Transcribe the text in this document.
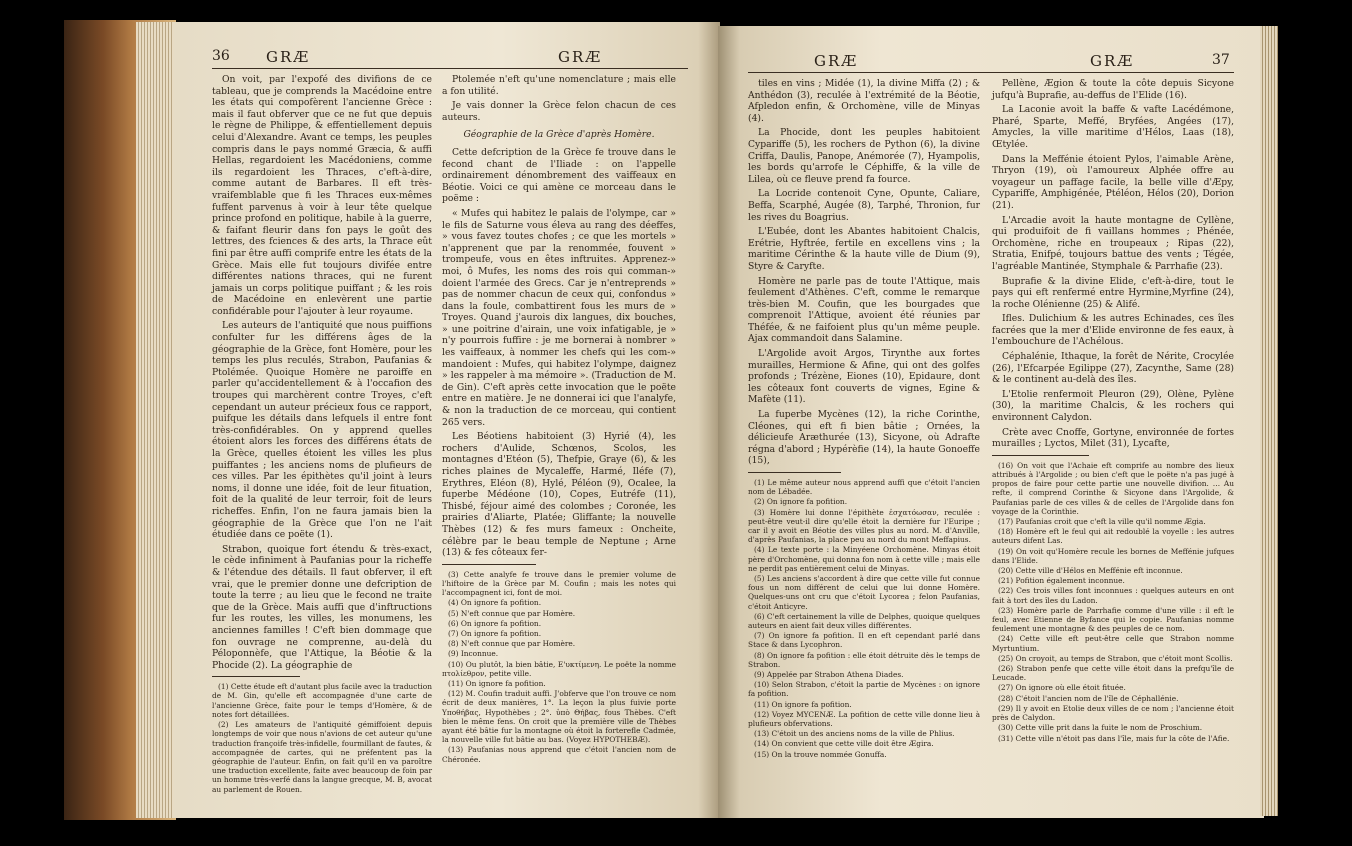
36 GRÆ	GRÆ

On voit, par l'expofé des divifions de ce tableau, que je comprends la Macédoine entre les états qui compofèrent l'ancienne Grèce : mais il faut obferver que ce ne fut que depuis le règne de Philippe, & effentiellement depuis celui d'Alexandre. Avant ce temps, les peuples compris dans le pays nommé Græcia, & auffi Hellas, regardoient les Macédoniens, comme ils regardoient les Thraces, c'eft-à-dire, comme autant de Barbares. Il eft très-vraifemblable que fi les Thraces eux-mêmes fuffent parvenus à voir à leur tête quelque prince profond en politique, habile à la guerre, & faifant fleurir dans fon pays le goût des lettres, des fciences & des arts, la Thrace eût fini par être auffi comprife entre les états de la Grèce. Mais elle fut toujours divifée entre différentes nations thraces, qui ne furent jamais un corps politique puiffant ; & les rois de Macédoine en enlevèrent une partie confidérable pour l'ajouter à leur royaume.

Les auteurs de l'antiquité que nous puiffions confulter fur les différens âges de la géographie de la Grèce, font Homère, pour les temps les plus reculés, Strabon, Paufanias & Ptolémée. Quoique Homère ne paroiffe en parler qu'accidentellement & à l'occafion des troupes qui marchèrent contre Troyes, c'eft cependant un auteur précieux fous ce rapport, puifque les détails dans lefquels il entre font très-confidérables. On y apprend quelles étoient alors les forces des différens états de la Grèce, quelles étoient les villes les plus puiffantes ; les anciens noms de plufieurs de ces villes. Par les épithètes qu'il joint à leurs noms, il donne une idée, foit de leur fituation, foit de la qualité de leur terroir, foit de leurs richeffes. Enfin, l'on ne faura jamais bien la géographie de la Grèce que l'on ne l'ait étudiée dans ce poëte (1).

Strabon, quoique fort étendu & très-exact, le cède infiniment à Paufanias pour la richeffe & l'étendue des détails. Il faut obferver, il eft vrai, que le premier donne une defcription de toute la terre ; au lieu que le fecond ne traite que de la Grèce. Mais auffi que d'inftructions fur les routes, les villes, les monumens, les anciennes familles ! C'eft bien dommage que fon ouvrage ne comprenne, au-delà du Péloponnèfe, que l'Attique, la Béotie & la Phocide (2). La géographie de

(1) Cette étude eft d'autant plus facile avec la traduction de M. Gin, qu'elle eft accompagnée d'une carte de l'ancienne Grèce, faite pour le temps d'Homère, & de notes fort détaillées.

(2) Les amateurs de l'antiquité gémiffoient depuis longtemps de voir que nous n'avions de cet auteur qu'une traduction françoife très-infidelle, fourmillant de fautes, & accompagnée de cartes, qui ne préfentent pas la géographie de l'auteur. Enfin, on fait qu'il en va paroître une traduction excellente, faite avec beaucoup de foin par un homme très-verfé dans la langue grecque, M. B, avocat au parlement de Rouen.

Ptolemée n'eft qu'une nomenclature ; mais elle a fon utilité.

Je vais donner la Grèce felon chacun de ces auteurs.

Géographie de la Grèce d'après Homère.

Cette defcription de la Grèce fe trouve dans le fecond chant de l'Iliade : on l'appelle ordinairement dénombrement des vaiffeaux en Béotie. Voici ce qui amène ce morceau dans le poëme :

« Mufes qui habitez le palais de l'olympe, car » le fils de Saturne vous éleva au rang des déeffes, » vous favez toutes chofes ; ce que les mortels » n'apprenent que par la renommée, fouvent » trompeufe, vous en êtes inftruites. Apprenez-» moi, ô Mufes, les noms des rois qui comman-» doient l'armée des Grecs. Car je n'entreprends » pas de nommer chacun de ceux qui, confondus » dans la foule, combattirent fous les murs de » Troyes. Quand j'aurois dix langues, dix bouches, » une poitrine d'airain, une voix infatigable, je » n'y pourrois fuffire : je me bornerai à nombrer » les vaiffeaux, à nommer les chefs qui les com-» mandoient : Mufes, qui habitez l'olympe, daignez » les rappeler à ma mémoire ». (Traduction de M. de Gin). C'eft après cette invocation que le poëte entre en matière. Je ne donnerai ici que l'analyfe, & non la traduction de ce morceau, qui contient 265 vers.

Les Béotiens habitoient (3) Hyrié (4), les rochers d'Aulide, Schœnos, Scolos, les montagnes d'Etéon (5), Thefpie, Graye (6), & les riches plaines de Mycaleffe, Harmé, Iléfe (7), Erythres, Eléon (8), Hylé, Péléon (9), Ocalee, la fuperbe Médéone (10), Copes, Eutréfe (11), Thisbé, féjour aimé des colombes ; Coronée, les prairies d'Aliarte, Platée; Gliffante; la nouvelle Thèbes (12) & fes murs fameux : Oncheite, célèbre par le beau temple de Neptune ; Arne (13) & fes côteaux fer-

(3) Cette analyfe fe trouve dans le premier volume de l'hiftoire de la Grèce par M. Coufin ; mais les notes qui l'accompagnent ici, font de moi.

(4) On ignore fa pofition.

(5) N'eft connue que par Homère.

(6) On ignore fa pofition.

(7) On ignore fa pofition.

(8) N'eft connue que par Homère.

(9) Inconnue.

(10) Ou plutôt, la bien bâtie, Ε'υκτίμενη. Le poëte la nomme πτολίεθρον, petite ville.

(11) On ignore fa pofition.

(12) M. Coufin traduit auffi. J'obferve que l'on trouve ce nom écrit de deux manières, 1°. La leçon la plus fuivie porte Υποθήβας, Hypothèbes ; 2°. ὑπὸ Θήβας, fous Thèbes. C'eft bien le même fens. On croit que la première ville de Thèbes ayant été bâtie fur la montagne où étoit la forterefle Cadmée, la nouvelle ville fut bâtie au bas. (Voyez HYPOTHEBÆ).

(13) Paufanias nous apprend que c'étoit l'ancien nom de Chéronée.

GRÆ	GRÆ	37

tiles en vins ; Midée (1), la divine Miffa (2) ; & Anthédon (3), reculée à l'extrémité de la Béotie, Afpledon enfin, & Orchomène, ville de Minyas (4).

La Phocide, dont les peuples habitoient Cypariffe (5), les rochers de Python (6), la divine Criffa, Daulis, Panope, Anémorée (7), Hyampolis, les bords qu'arrofe le Céphiffe, & la ville de Lilea, où ce fleuve prend fa fource.

La Locride contenoit Cyne, Opunte, Caliare, Beffa, Scarphé, Augée (8), Tarphé, Thronion, fur les rives du Boagrius.

L'Eubée, dont les Abantes habitoient Chalcis, Erétrie, Hyftrée, fertile en excellens vins ; la maritime Cérinthe & la haute ville de Dium (9), Styre & Caryfte.

Homère ne parle pas de toute l'Attique, mais feulement d'Athènes. C'eft, comme le remarque très-bien M. Coufin, que les bourgades que comprenoit l'Attique, avoient été réunies par Théfée, & ne faifoient plus qu'un même peuple. Ajax commandoit dans Salamine.

L'Argolide avoit Argos, Tirynthe aux fortes murailles, Hermione & Afine, qui ont des golfes profonds ; Trézène, Eiones (10), Epidaure, dont les côteaux font couverts de vignes, Egine & Mafète (11).

La fuperbe Mycènes (12), la riche Corinthe, Cléones, qui eft fi bien bâtie ; Ornées, la délicieufe Aræthurée (13), Sicyone, où Adrafte régna d'abord ; Hypérèfie (14), la haute Gonoeffe (15),

(1) Le même auteur nous apprend auffi que c'étoit l'ancien nom de Lébadée.

(2) On ignore fa pofition.

(3) Homère lui donne l'épithète ἐσχατόωσαν, reculée : peut-être veut-il dire qu'elle étoit la dernière fur l'Euripe ; car il y avoit en Béotie des villes plus au nord. M. d'Anville, d'après Paufanias, la place peu au nord du mont Meffapius.

(4) Le texte porte : la Minyéene Orchomène. Minyas étoit père d'Orchomène, qui donna fon nom à cette ville ; mais elle ne perdit pas entièrement celui de Minyas.

(5) Les anciens s'accordent à dire que cette ville fut connue fous un nom différent de celui que lui donne Homère. Quelques-uns ont cru que c'étoit Lycorea ; felon Paufanias, c'étoit Anticyre.

(6) C'eft certainement la ville de Delphes, quoique quelques auteurs en aient fait deux villes différentes.

(7) On ignore fa pofition. Il en eft cependant parlé dans Stace & dans Lycophron.

(8) On ignore fa pofition : elle étoit détruite dès le temps de Strabon.

(9) Appelée par Strabon Athena Diades.

(10) Selon Strabon, c'étoit la partie de Mycènes : on ignore fa pofition.

(11) On ignore fa pofition.

(12) Voyez MYCENÆ. La pofition de cette ville donne lieu à plufieurs obfervations.

(13) C'étoit un des anciens noms de la ville de Phlius.

(14) On convient que cette ville doit être Ægira.

(15) On la trouve nommée Gonuffa.

Pellène, Ægion & toute la côte depuis Sicyone jufqu'à Buprafie, au-deffus de l'Elide (16).

La Laconie avoit la baffe & vafte Lacédémone, Pharé, Sparte, Meffé, Bryfées, Angées (17), Amycles, la ville maritime d'Hélos, Laas (18), Œtylée.

Dans la Meffénie étoient Pylos, l'aimable Arène, Thryon (19), où l'amoureux Alphée offre au voyageur un paffage facile, la belle ville d'Æpy, Cypariffe, Amphigénée, Ptéléon, Hélos (20), Dorion (21).

L'Arcadie avoit la haute montagne de Cyllène, qui produifoit de fi vaillans hommes ; Phénée, Orchomène, riche en troupeaux ; Ripas (22), Stratia, Enifpé, toujours battue des vents ; Tégée, l'agréable Mantinée, Stymphale & Parrhafie (23).

Buprafie & la divine Elide, c'eft-à-dire, tout le pays qui eft renfermé entre Hyrmine,Myrfine (24), la roche Olénienne (25) & Alifé.

Ifles. Dulichium & les autres Echinades, ces îles facrées que la mer d'Elide environne de fes eaux, à l'embouchure de l'Achélous.

Céphalénie, Ithaque, la forêt de Nérite, Crocylée (26), l'Efcarpée Egilippe (27), Zacynthe, Same (28) & le continent au-delà des îles.

L'Etolie renfermoit Pleuron (29), Olène, Pylène (30), la maritime Chalcis, & les rochers qui environnent Calydon.

Crète avec Cnoffe, Gortyne, environnée de fortes murailles ; Lyctos, Milet (31), Lycafte,

(16) On voit que l'Achaie eft comprife au nombre des lieux attribués à l'Argolide ; ou bien c'eft que le poëte n'a pas jugé à propos de faire pour cette partie une nouvelle divifion. … Au refte, il comprend Corinthe & Sicyone dans l'Argolide, & Paufanias parle de ces villes & de celles de l'Argolide dans fon voyage de la Corinthie.

(17) Paufanias croit que c'eft la ville qu'il nomme Ægia.

(18) Homère eft le feul qui ait redoublé la voyelle : les autres auteurs difent Las.

(19) On voit qu'Homère recule les bornes de Meffénie jufques dans l'Elide.

(20) Cette ville d'Hélos en Meffénie eft inconnue.

(21) Pofition également inconnue.

(22) Ces trois villes font inconnues : quelques auteurs en ont fait à tort des îles du Ladon.

(23) Homère parle de Parrhafie comme d'une ville : il eft le feul, avec Etienne de Byfance qui le copie. Paufanias nomme feulement une montagne & des peuples de ce nom.

(24) Cette ville eft peut-être celle que Strabon nomme Myrtuntium.

(25) On croyoit, au temps de Strabon, que c'étoit mont Scollis.

(26) Strabon penfe que cette ville étoit dans la prefqu'île de Leucade.

(27) On ignore où elle étoit fituée.

(28) C'étoit l'ancien nom de l'île de Céphallénie.

(29) Il y avoit en Etolie deux villes de ce nom ; l'ancienne étoit près de Calydon.

(30) Cette ville prit dans la fuite le nom de Proschium.

(31) Cette ville n'étoit pas dans l'île, mais fur la côte de l'Afie.
